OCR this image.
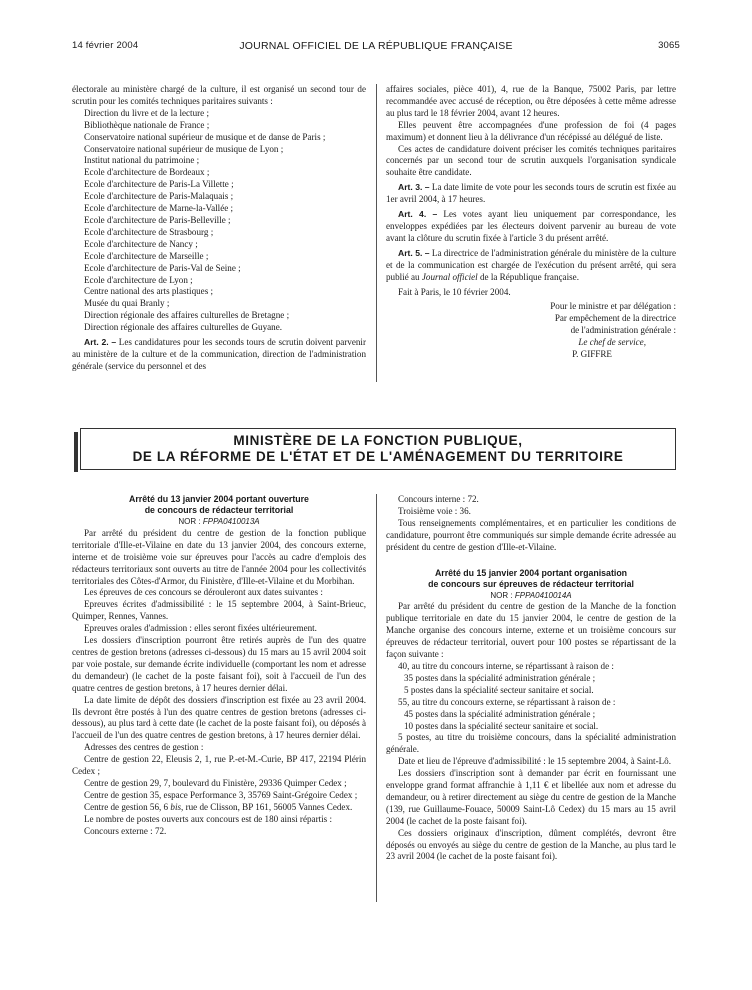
14 février 2004	JOURNAL OFFICIEL DE LA RÉPUBLIQUE FRANÇAISE	3065

électorale au ministère chargé de la culture, il est organisé un second tour de scrutin pour les comités techniques paritaires suivants :

Direction du livre et de la lecture ;
Bibliothèque nationale de France ;
Conservatoire national supérieur de musique et de danse de Paris ;
Conservatoire national supérieur de musique de Lyon ;
Institut national du patrimoine ;
Ecole d'architecture de Bordeaux ;
Ecole d'architecture de Paris-La Villette ;
Ecole d'architecture de Paris-Malaquais ;
Ecole d'architecture de Marne-la-Vallée ;
Ecole d'architecture de Paris-Belleville ;
Ecole d'architecture de Strasbourg ;
Ecole d'architecture de Nancy ;
Ecole d'architecture de Marseille ;
Ecole d'architecture de Paris-Val de Seine ;
Ecole d'architecture de Lyon ;
Centre national des arts plastiques ;
Musée du quai Branly ;
Direction régionale des affaires culturelles de Bretagne ;
Direction régionale des affaires culturelles de Guyane.

Art. 2. – Les candidatures pour les seconds tours de scrutin doivent parvenir au ministère de la culture et de la communication, direction de l'administration générale (service du personnel et des

affaires sociales, pièce 401), 4, rue de la Banque, 75002 Paris, par lettre recommandée avec accusé de réception, ou être déposées à cette même adresse au plus tard le 18 février 2004, avant 12 heures.

Elles peuvent être accompagnées d'une profession de foi (4 pages maximum) et donnent lieu à la délivrance d'un récépissé au délégué de liste.

Ces actes de candidature doivent préciser les comités techniques paritaires concernés par un second tour de scrutin auxquels l'organisation syndicale souhaite être candidate.

Art. 3. – La date limite de vote pour les seconds tours de scrutin est fixée au 1er avril 2004, à 17 heures.

Art. 4. – Les votes ayant lieu uniquement par correspondance, les enveloppes expédiées par les électeurs doivent parvenir au bureau de vote avant la clôture du scrutin fixée à l'article 3 du présent arrêté.

Art. 5. – La directrice de l'administration générale du ministère de la culture et de la communication est chargée de l'exécution du présent arrêté, qui sera publié au Journal officiel de la République française.

Fait à Paris, le 10 février 2004.

Pour le ministre et par délégation :
Par empêchement de la directrice
de l'administration générale :
Le chef de service,
P. GIFFRE
MINISTÈRE DE LA FONCTION PUBLIQUE,
DE LA RÉFORME DE L'ÉTAT ET DE L'AMÉNAGEMENT DU TERRITOIRE

Arrêté du 13 janvier 2004 portant ouverture

de concours de rédacteur territorial

NOR : FPPA0410013A

Par arrêté du président du centre de gestion de la fonction publique territoriale d'Ille-et-Vilaine en date du 13 janvier 2004, des concours externe, interne et de troisième voie sur épreuves pour l'accès au cadre d'emplois des rédacteurs territoriaux sont ouverts au titre de l'année 2004 pour les collectivités territoriales des Côtes-d'Armor, du Finistère, d'Ille-et-Vilaine et du Morbihan.

Les épreuves de ces concours se dérouleront aux dates suivantes :

Epreuves écrites d'admissibilité : le 15 septembre 2004, à Saint-Brieuc, Quimper, Rennes, Vannes.

Epreuves orales d'admission : elles seront fixées ultérieurement.

Les dossiers d'inscription pourront être retirés auprès de l'un des quatre centres de gestion bretons (adresses ci-dessous) du 15 mars au 15 avril 2004 soit par voie postale, sur demande écrite individuelle (comportant les nom et adresse du demandeur) (le cachet de la poste faisant foi), soit à l'accueil de l'un des quatre centres de gestion bretons, à 17 heures dernier délai.

La date limite de dépôt des dossiers d'inscription est fixée au 23 avril 2004. Ils devront être postés à l'un des quatre centres de gestion bretons (adresses ci-dessous), au plus tard à cette date (le cachet de la poste faisant foi), ou déposés à l'accueil de l'un des quatre centres de gestion bretons, à 17 heures dernier délai.

Adresses des centres de gestion :

Centre de gestion 22, Eleusis 2, 1, rue P.-et-M.-Curie, BP 417, 22194 Plérin Cedex ;

Centre de gestion 29, 7, boulevard du Finistère, 29336 Quimper Cedex ;

Centre de gestion 35, espace Performance 3, 35769 Saint-Grégoire Cedex ;

Centre de gestion 56, 6 bis, rue de Clisson, BP 161, 56005 Vannes Cedex.

Le nombre de postes ouverts aux concours est de 180 ainsi répartis :

Concours externe : 72.

Concours interne : 72.

Troisième voie : 36.

Tous renseignements complémentaires, et en particulier les conditions de candidature, pourront être communiqués sur simple demande écrite adressée au président du centre de gestion d'Ille-et-Vilaine.

Arrêté du 15 janvier 2004 portant organisation

de concours sur épreuves de rédacteur territorial

NOR : FPPA0410014A

Par arrêté du président du centre de gestion de la Manche de la fonction publique territoriale en date du 15 janvier 2004, le centre de gestion de la Manche organise des concours interne, externe et un troisième concours sur épreuves de rédacteur territorial, ouvert pour 100 postes se répartissant de la façon suivante :

40, au titre du concours interne, se répartissant à raison de :

35 postes dans la spécialité administration générale ;
5 postes dans la spécialité secteur sanitaire et social.

55, au titre du concours externe, se répartissant à raison de :

45 postes dans la spécialité administration générale ;
10 postes dans la spécialité secteur sanitaire et social.

5 postes, au titre du troisième concours, dans la spécialité administration générale.

Date et lieu de l'épreuve d'admissibilité : le 15 septembre 2004, à Saint-Lô.

Les dossiers d'inscription sont à demander par écrit en fournissant une enveloppe grand format affranchie à 1,11 € et libellée aux nom et adresse du demandeur, ou à retirer directement au siège du centre de gestion de la Manche (139, rue Guillaume-Fouace, 50009 Saint-Lô Cedex) du 15 mars au 15 avril 2004 (le cachet de la poste faisant foi).

Ces dossiers originaux d'inscription, dûment complétés, devront être déposés ou envoyés au siège du centre de gestion de la Manche, au plus tard le 23 avril 2004 (le cachet de la poste faisant foi).
